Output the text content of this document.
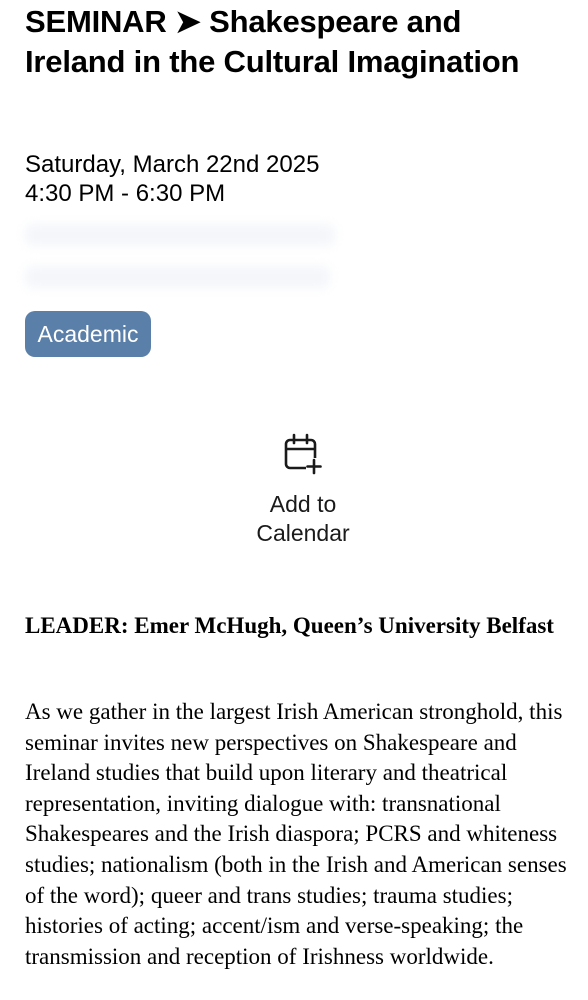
SEMINAR ➤ Shakespeare and Ireland in the Cultural Imagination
Saturday, March 22nd 2025
4:30 PM - 6:30 PM
Academic
Add to Calendar

LEADER: Emer McHugh, Queen’s University Belfast

As we gather in the largest Irish American stronghold, this seminar invites new perspectives on Shakespeare and Ireland studies that build upon literary and theatrical representation, inviting dialogue with: transnational Shakespeares and the Irish diaspora; PCRS and whiteness studies; nationalism (both in the Irish and American senses of the word); queer and trans studies; trauma studies; histories of acting; accent/ism and verse-speaking; the transmission and reception of Irishness worldwide.
